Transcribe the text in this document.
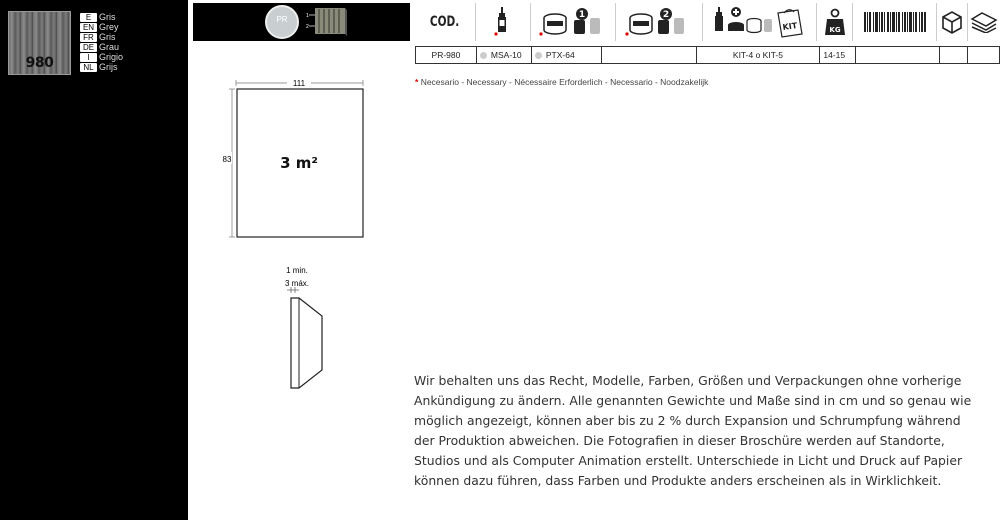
980
E Gris
EN Grey
FR Gris
DE Grau
I	Grigio
NL Grijs
PR	1
2	COD.	1	2
KIT	KG
PR-980	MSA-10	PTX-64		KIT-4 o KIT-5	14-15			
* Necesario - Necessary - Nécessaire Erforderlich - Necessario - Noodzakelijk
111
83	3 m²
1 min.
3 máx.

Wir behalten uns das Recht, Modelle, Farben, Größen und Verpackungen ohne vorherige Ankündigung zu ändern. Alle genannten Gewichte und Maße sind in cm und so genau wie möglich angezeigt, können aber bis zu 2 % durch Expansion und Schrumpfung während der Produktion abweichen. Die Fotografien in dieser Broschüre werden auf Standorte, Studios und als Computer Animation erstellt. Unterschiede in Licht und Druck auf Papier können dazu führen, dass Farben und Produkte anders erscheinen als in Wirklichkeit.
